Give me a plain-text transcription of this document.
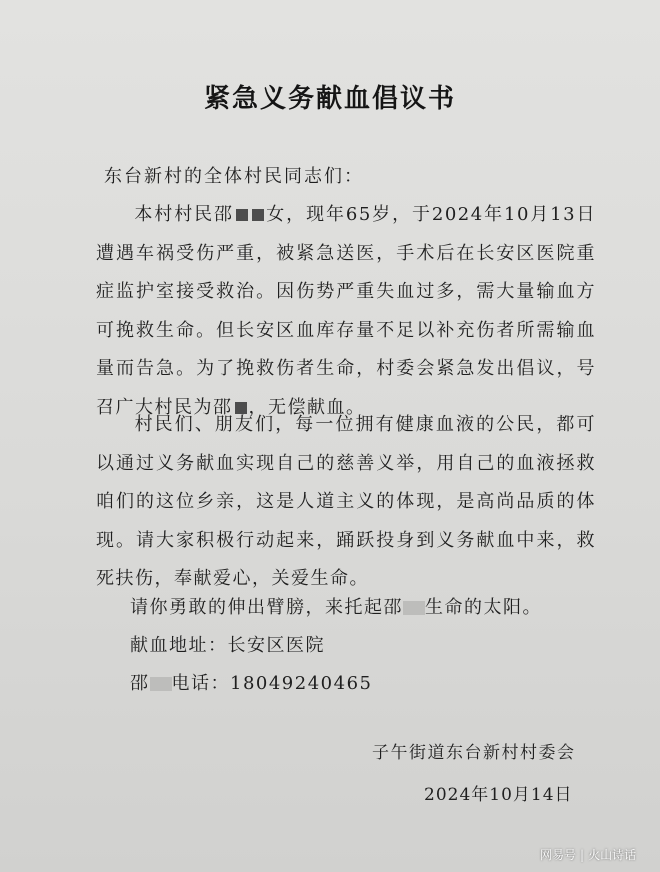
紧急义务献血倡议书
东台新村的全体村民同志们：
本村村民邵 女，现年65岁，于2024年10月13日遭遇车祸受伤严重，被紧急送医，手术后在长安区医院重症监护室接受救治。因伤势严重失血过多，需大量输血方可挽救生命。但长安区血库存量不足以补充伤者所需输血量而告急。为了挽救伤者生命，村委会紧急发出倡议，号召广大村民为邵 ，无偿献血。
村民们、朋友们，每一位拥有健康血液的公民，都可以通过义务献血实现自己的慈善义举，用自己的血液拯救咱们的这位乡亲，这是人道主义的体现，是高尚品质的体现。请大家积极行动起来，踊跃投身到义务献血中来，救死扶伤，奉献爱心，关爱生命。
请你勇敢的伸出臂膀，来托起邵 生命的太阳。
献血地址：长安区医院
邵 电话：18049240465
子午街道东台新村村委会
2024年10月14日
网易号 | 火山诗话
